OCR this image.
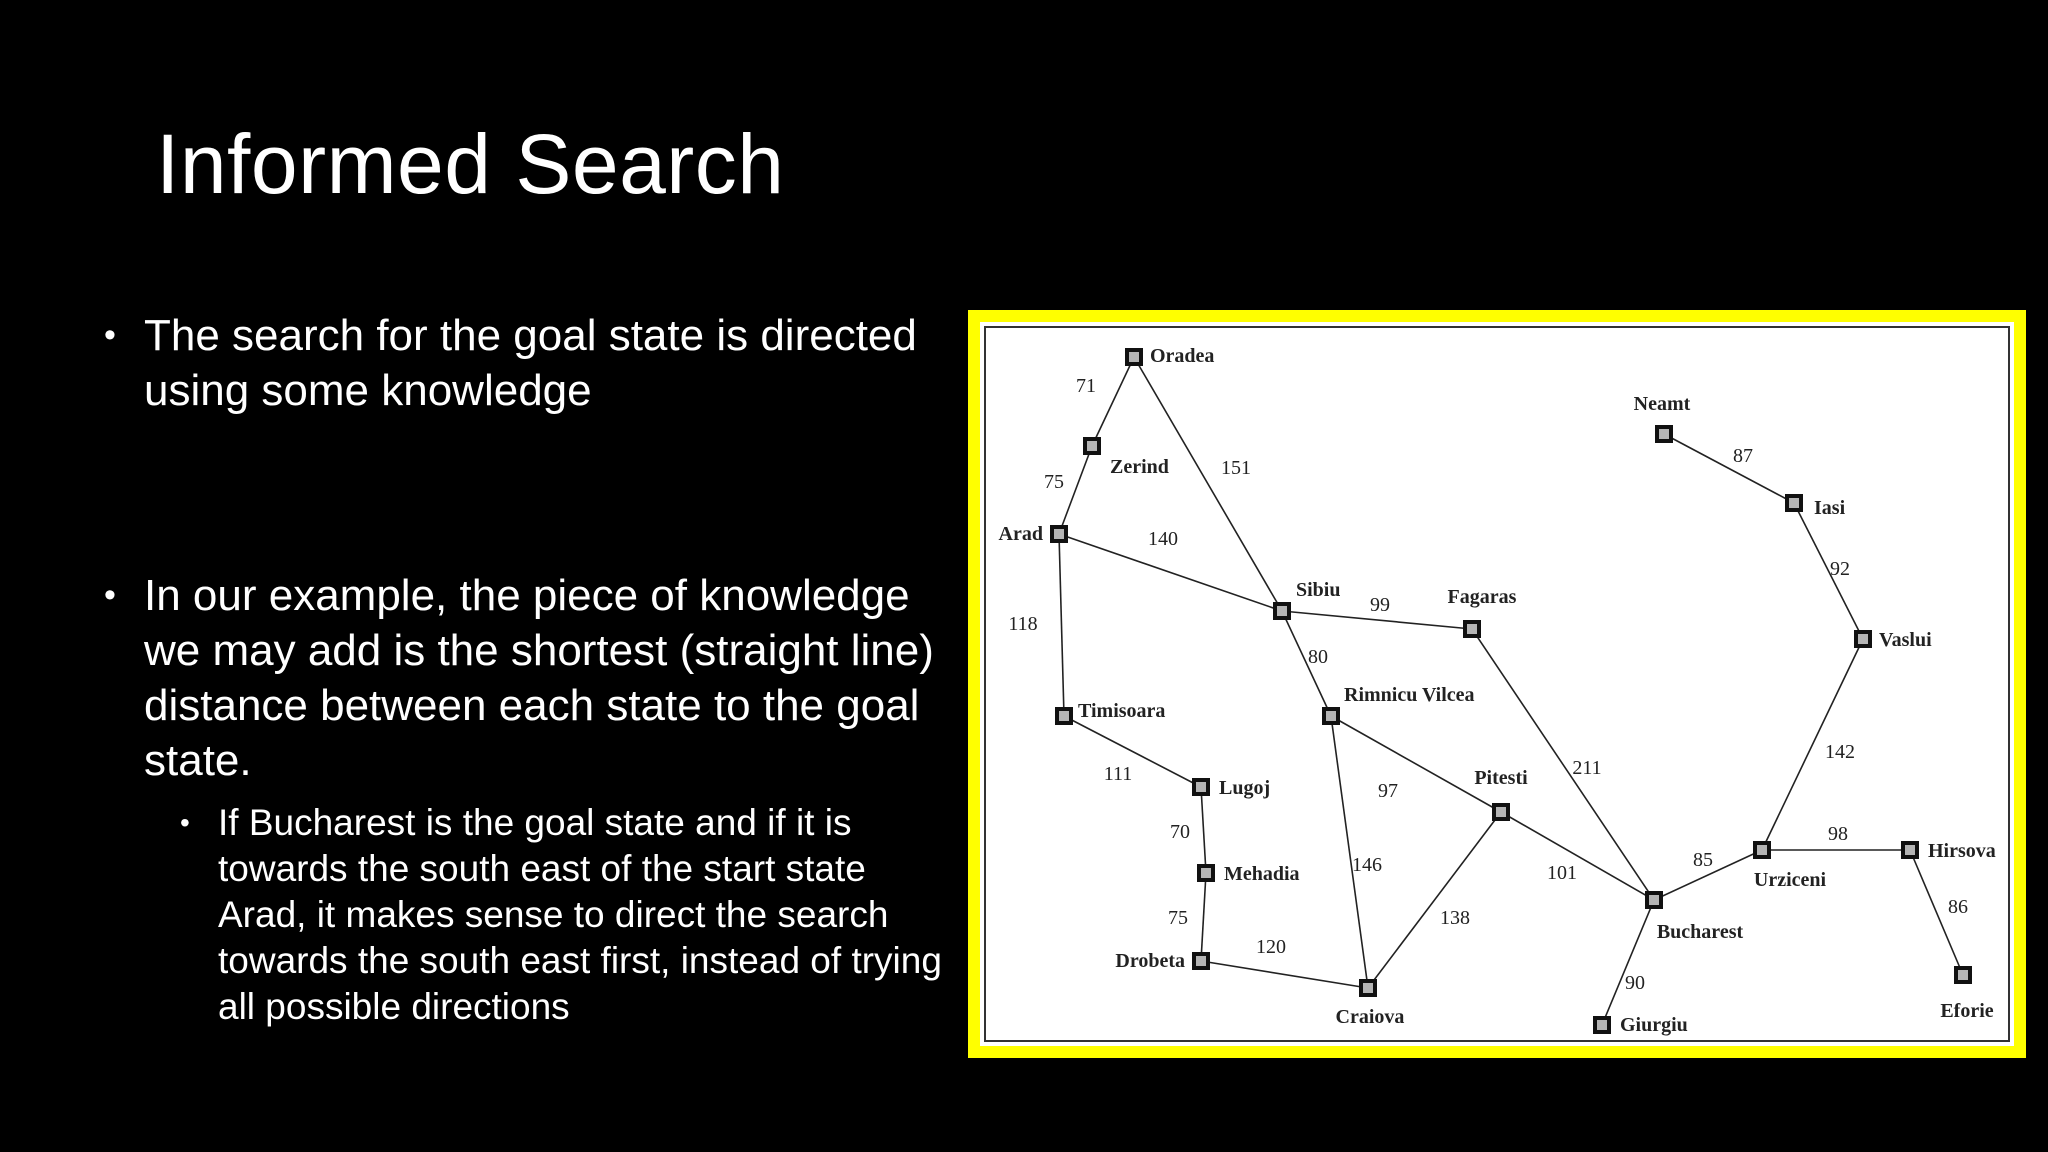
Informed Search
• The search for the goal state is directed using some knowledge
• In our example, the piece of knowledge we may add is the shortest (straight line) distance between each state to the goal state.
• If Bucharest is the goal state and if it is towards the south east of the start state Arad, it makes sense to direct the search towards the south east first, instead of trying all possible directions
71
75
151
140
118
111
70
75
120
99
80
97
146
138
211
101
90
85
98
86
142
92
87
Oradea
Zerind
Arad
Timisoara
Lugoj
Mehadia
Drobeta
Sibiu
Rimnicu Vilcea
Craiova
Fagaras
Pitesti
Bucharest
Giurgiu
Urziceni
Hirsova
Eforie
Vaslui
Iasi
Neamt
